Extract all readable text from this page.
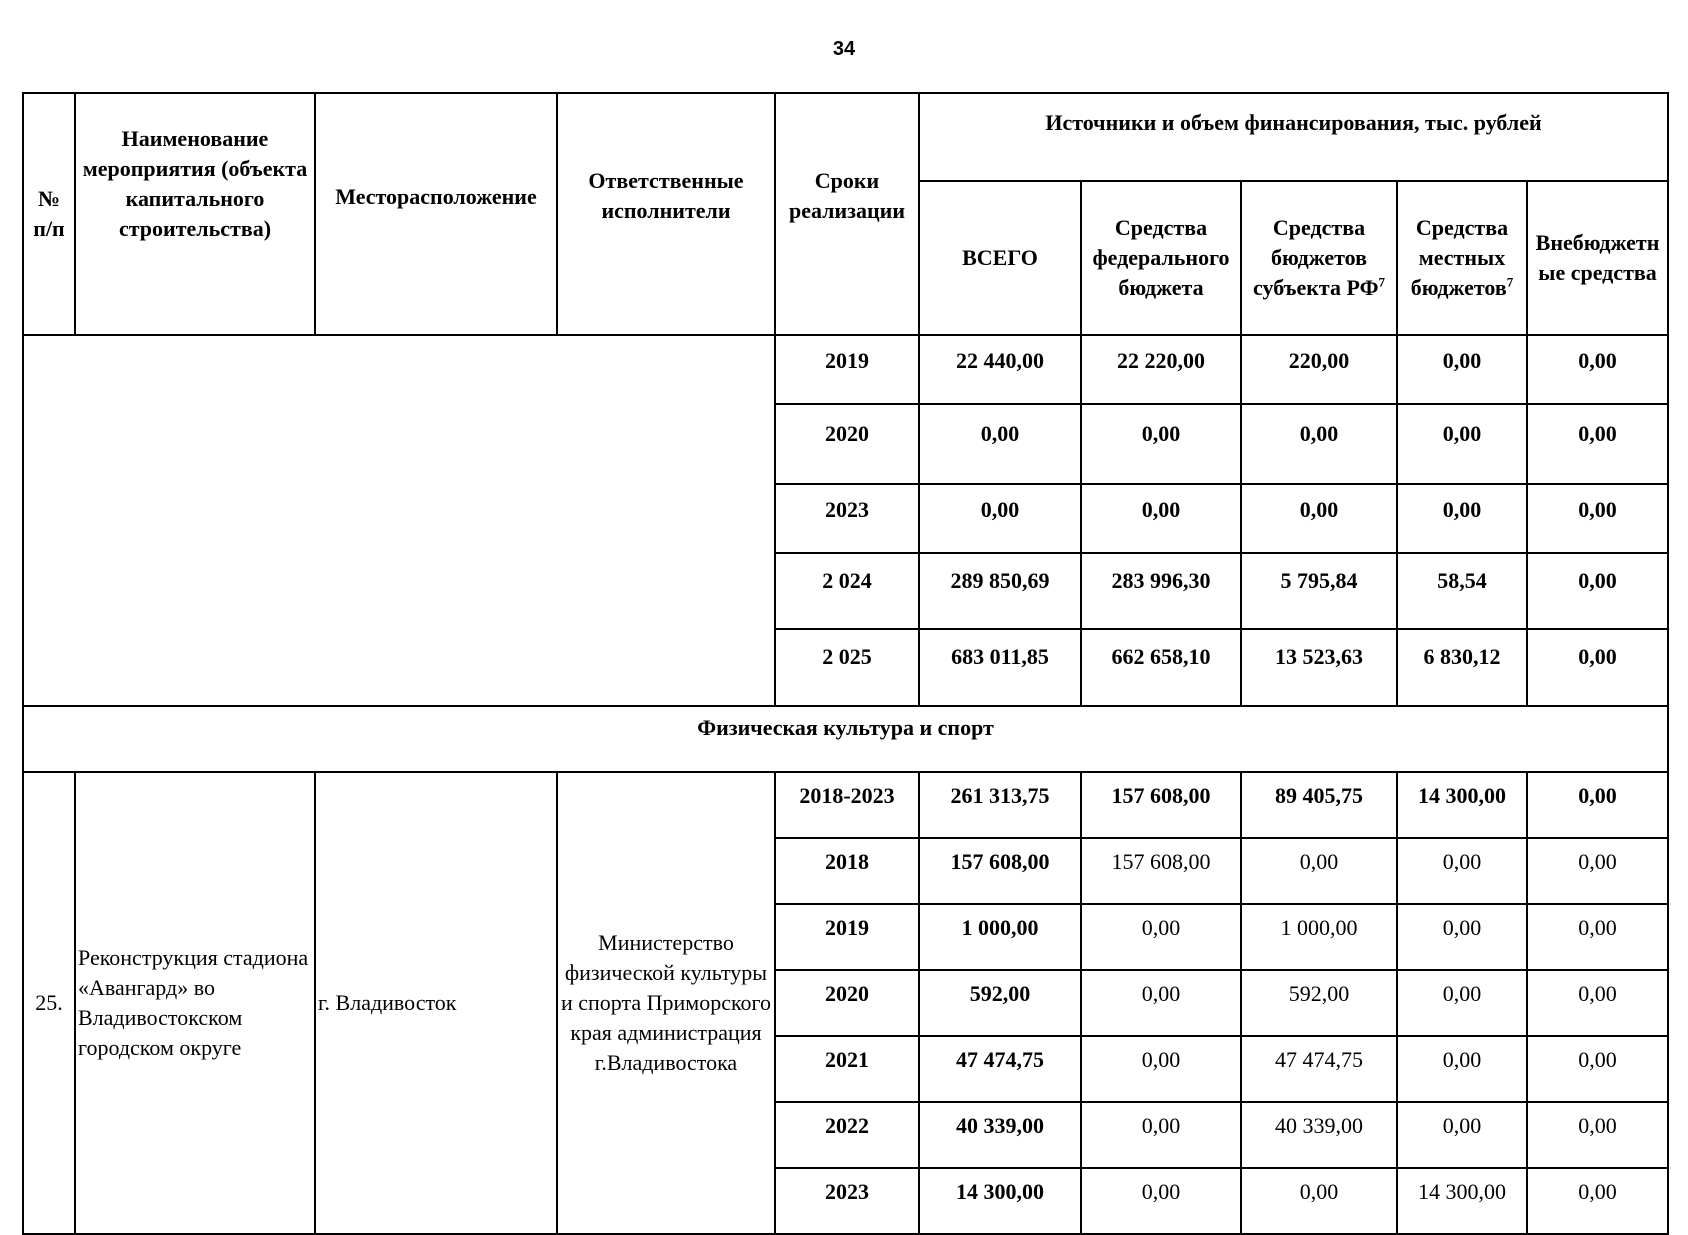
34
№ п/п	Наименование мероприятия (объекта капитального строительства)	Месторасположение	Ответственные исполнители	Сроки реализации	Источники и объем финансирования, тыс. рублей				
					ВСЕГО	Средства федерального бюджета	Средства бюджетов субъекта $РФ^7$	Средства местных бюджетов$^7$	Внебюджетн ые средства
				2019	22 440,00	22 220,00	220,00	0,00	0,00
				2020	0,00	0,00	0,00	0,00	0,00
				2023	0,00	0,00	0,00	0,00	0,00
				2 024	289 850,69	283 996,30	5 795,84	58,54	0,00
				2 025	683 011,85	662 658,10	13 523,63	6 830,12	0,00
Физическая культура и спорт									
25.	Реконструкция стадиона «Авангард» во Владивостокском городском округе	г. Владивосток	Министерство физической культуры и спорта Приморского края администрация г.Владивостока	2018-2023	261 313,75	157 608,00	89 405,75	14 300,00	0,00
				2018	157 608,00	157 608,00	0,00	0,00	0,00
				2019	1 000,00	0,00	1 000,00	0,00	0,00
				2020	592,00	0,00	592,00	0,00	0,00
				2021	47 474,75	0,00	47 474,75	0,00	0,00
				2022	40 339,00	0,00	40 339,00	0,00	0,00
				2023	14 300,00	0,00	0,00	14 300,00	0,00
